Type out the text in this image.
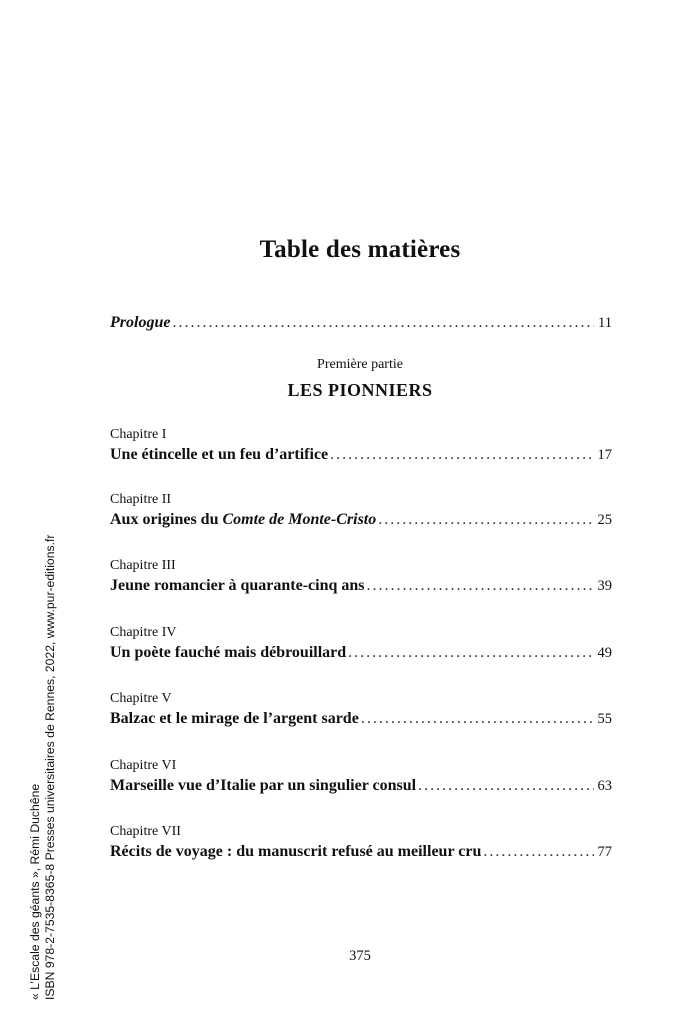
Table des matières
Prologue .....	11
Première partie
LES PIONNIERS
Chapitre I
Une étincelle et un feu d’artifice .....	17
Chapitre II
Aux origines du Comte de Monte-Cristo .....	25
Chapitre III
Jeune romancier à quarante-cinq ans .....	39
Chapitre IV
Un poète fauché mais débrouillard .....	49
Chapitre V
Balzac et le mirage de l’argent sarde .....	55
Chapitre VI
Marseille vue d’Italie par un singulier consul .....	63
Chapitre VII
Récits de voyage : du manuscrit refusé au meilleur cru .....	77
375
« L’Escale des géants », Rémi Duchêne ISBN 978-2-7535-8365-8 Presses universitaires de Rennes, 2022, www.pur-editions.fr
